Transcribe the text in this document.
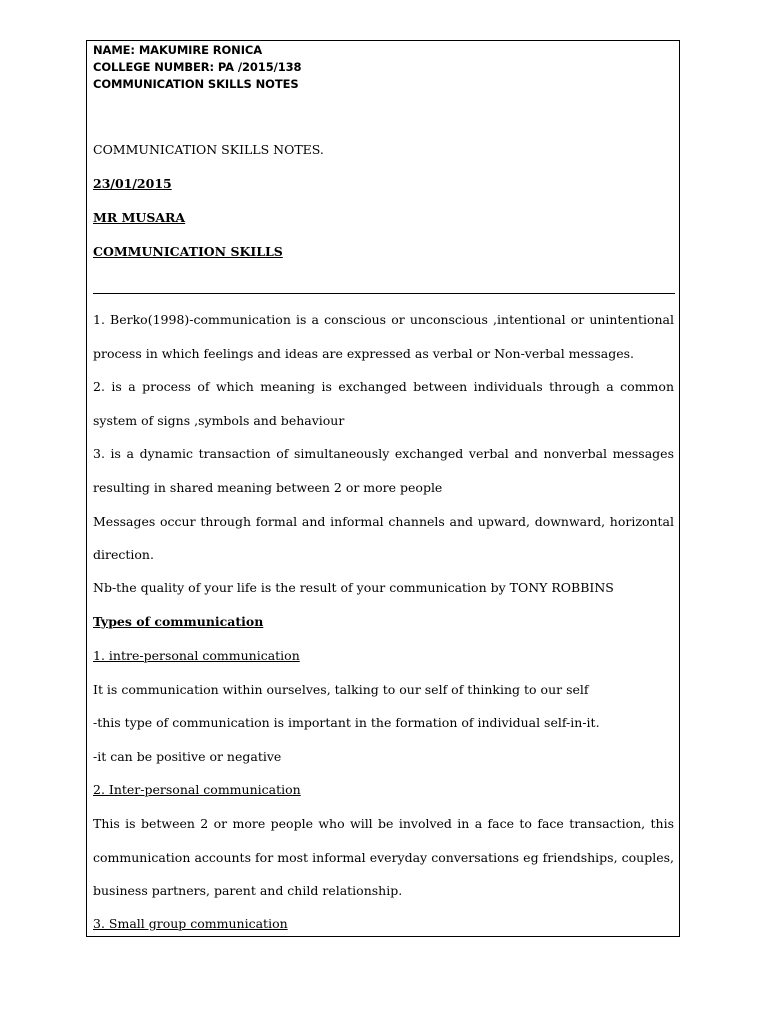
NAME: MAKUMIRE RONICA
COLLEGE NUMBER: PA /2015/138
COMMUNICATION SKILLS NOTES
COMMUNICATION SKILLS NOTES.
23/01/2015
MR MUSARA
COMMUNICATION SKILLS
1. Berko(1998)-communication is a conscious or unconscious ,intentional or unintentional
process in which feelings and ideas are expressed as verbal or Non-verbal messages.
2. is a process of which meaning is exchanged between individuals through a common
system of signs ,symbols and behaviour
3. is a dynamic transaction of simultaneously exchanged verbal and nonverbal messages
resulting in shared meaning between 2 or more people
Messages occur through formal and informal channels and upward, downward, horizontal
direction.
Nb-the quality of your life is the result of your communication by TONY ROBBINS
Types of communication
1. intre-personal communication
It is communication within ourselves, talking to our self of thinking to our self
-this type of communication is important in the formation of individual self-in-it.
-it can be positive or negative
2. Inter-personal communication
This is between 2 or more people who will be involved in a face to face transaction, this
communication accounts for most informal everyday conversations eg friendships, couples,
business partners, parent and child relationship.
3. Small group communication
